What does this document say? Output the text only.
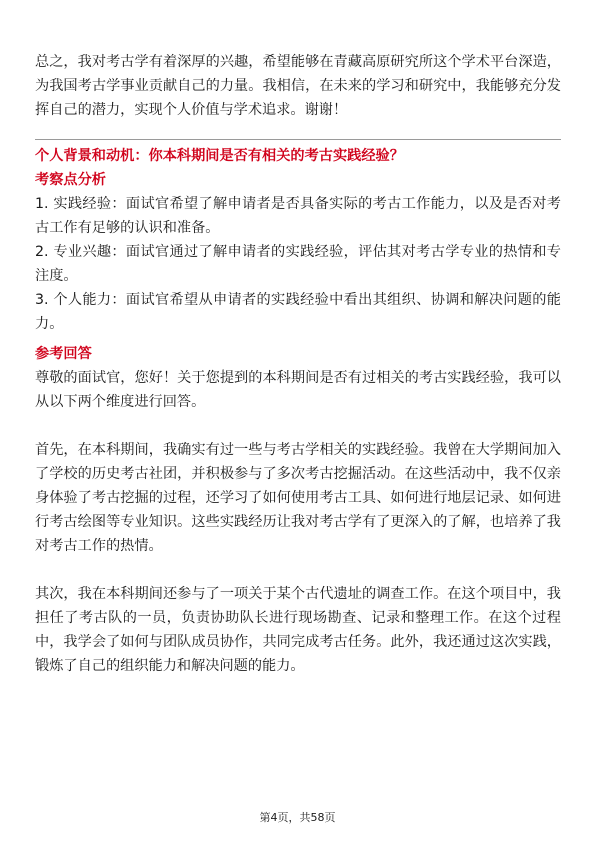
总之，我对考古学有着深厚的兴趣，希望能够在青藏高原研究所这个学术平台深造，为我国考古学事业贡献自己的力量。我相信，在未来的学习和研究中，我能够充分发挥自己的潜力，实现个人价值与学术追求。谢谢！

个人背景和动机：你本科期间是否有相关的考古实践经验？

考察点分析

1. 实践经验：面试官希望了解申请者是否具备实际的考古工作能力，以及是否对考古工作有足够的认识和准备。

2. 专业兴趣：面试官通过了解申请者的实践经验，评估其对考古学专业的热情和专注度。

3. 个人能力：面试官希望从申请者的实践经验中看出其组织、协调和解决问题的能力。

参考回答

尊敬的面试官，您好！关于您提到的本科期间是否有过相关的考古实践经验，我可以从以下两个维度进行回答。

首先，在本科期间，我确实有过一些与考古学相关的实践经验。我曾在大学期间加入了学校的历史考古社团，并积极参与了多次考古挖掘活动。在这些活动中，我不仅亲身体验了考古挖掘的过程，还学习了如何使用考古工具、如何进行地层记录、如何进行考古绘图等专业知识。这些实践经历让我对考古学有了更深入的了解，也培养了我对考古工作的热情。

其次，我在本科期间还参与了一项关于某个古代遗址的调查工作。在这个项目中，我担任了考古队的一员，负责协助队长进行现场勘查、记录和整理工作。在这个过程中，我学会了如何与团队成员协作，共同完成考古任务。此外，我还通过这次实践，锻炼了自己的组织能力和解决问题的能力。

第4页，共58页
